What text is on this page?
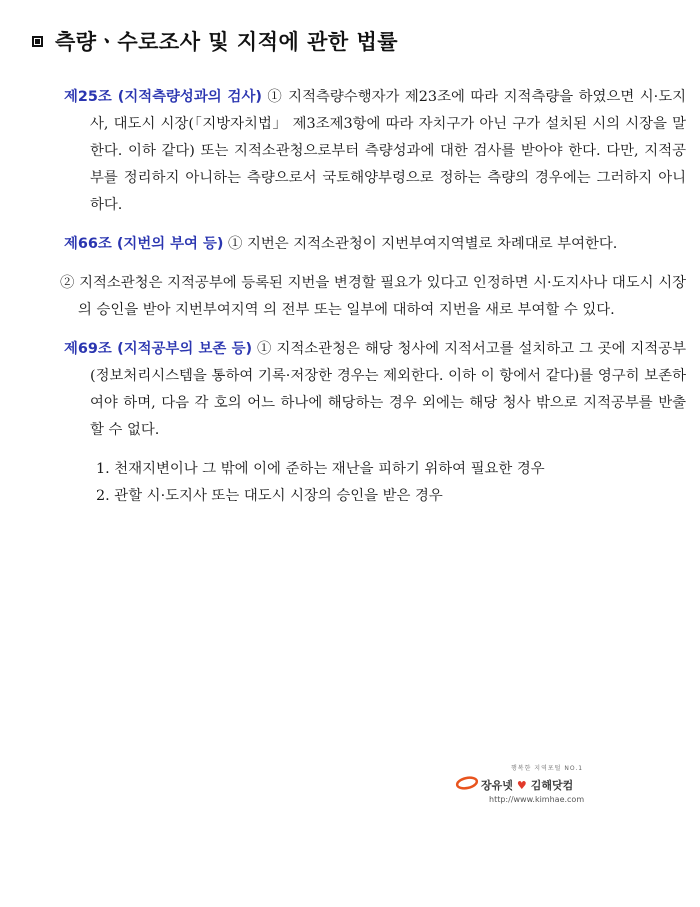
측량ㆍ수로조사 및 지적에 관한 법률

제25조 (지적측량성과의 검사) ① 지적측량수행자가 제23조에 따라 지적측량을 하였으면 시·도지사, 대도시 시장(「지방자치법」 제3조제3항에 따라 자치구가 아닌 구가 설치된 시의 시장을 말한다. 이하 같다) 또는 지적소관청으로부터 측량성과에 대한 검사를 받아야 한다. 다만, 지적공부를 정리하지 아니하는 측량으로서 국토해양부령으로 정하는 측량의 경우에는 그러하지 아니하다.

제66조 (지번의 부여 등) ① 지번은 지적소관청이 지번부여지역별로 차례대로 부여한다.

② 지적소관청은 지적공부에 등록된 지번을 변경할 필요가 있다고 인정하면 시·도지사나 대도시 시장의 승인을 받아 지번부여지역 의 전부 또는 일부에 대하여 지번을 새로 부여할 수 있다.

제69조 (지적공부의 보존 등) ① 지적소관청은 해당 청사에 지적서고를 설치하고 그 곳에 지적공부(정보처리시스템을 통하여 기록·저장한 경우는 제외한다. 이하 이 항에서 같다)를 영구히 보존하여야 하며, 다음 각 호의 어느 하나에 해당하는 경우 외에는 해당 청사 밖으로 지적공부를 반출할 수 없다.

1. 천재지변이나 그 밖에 이에 준하는 재난을 피하기 위하여 필요한 경우
2. 관할 시·도지사 또는 대도시 시장의 승인을 받은 경우
행복한 지역포털 NO.1
장유넷 ♥ 김해닷컴
http://www.kimhae.com
